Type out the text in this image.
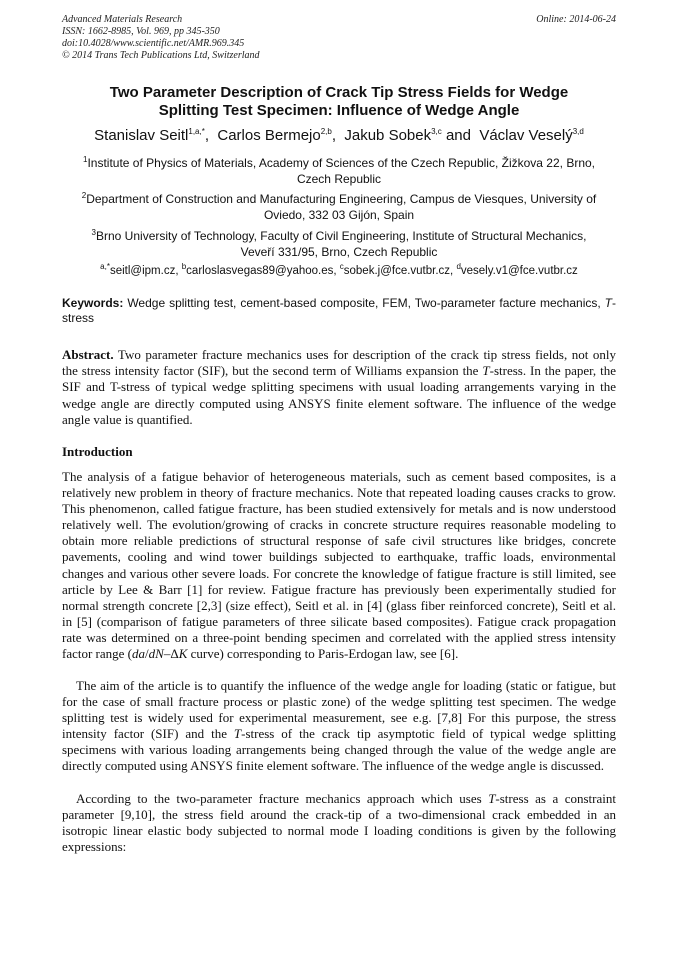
Advanced Materials Research
ISSN: 1662-8985, Vol. 969, pp 345-350
doi:10.4028/www.scientific.net/AMR.969.345
© 2014 Trans Tech Publications Ltd, Switzerland
Online: 2014-06-24
Two Parameter Description of Crack Tip Stress Fields for Wedge
Splitting Test Specimen: Influence of Wedge Angle
Stanislav Seitl$^{1,a,*}$,  Carlos Bermejo$^{2,b}$,  Jakub Sobek$^{3,c}$ and  Václav Veselý$^{3,d}$
$^1$Institute of Physics of Materials, Academy of Sciences of the Czech Republic, Žižkova 22, Brno,
Czech Republic
$^2$Department of Construction and Manufacturing Engineering, Campus de Viesques, University of
Oviedo, 332 03 Gijón, Spain
$^3$Brno University of Technology, Faculty of Civil Engineering, Institute of Structural Mechanics,
Veveří 331/95, Brno, Czech Republic
$^{a,*}$seitl@ipm.cz, $^b$carloslasvegas89@yahoo.es, $^c$sobek.j@fce.vutbr.cz, $^d$vesely.v1@fce.vutbr.cz
Keywords: Wedge splitting test, cement-based composite, FEM, Two-parameter facture mechanics, T-stress
Abstract. Two parameter fracture mechanics uses for description of the crack tip stress fields, not only the stress intensity factor (SIF), but the second term of Williams expansion the T-stress. In the paper, the SIF and T-stress of typical wedge splitting specimens with usual loading arrangements varying in the wedge angle are directly computed using ANSYS finite element software. The influence of the wedge angle value is quantified.
Introduction
The analysis of a fatigue behavior of heterogeneous materials, such as cement based composites, is a relatively new problem in theory of fracture mechanics. Note that repeated loading causes cracks to grow. This phenomenon, called fatigue fracture, has been studied extensively for metals and is now understood relatively well. The evolution/growing of cracks in concrete structure requires reasonable modeling to obtain more reliable predictions of structural response of safe civil structures like bridges, concrete pavements, cooling and wind tower buildings subjected to earthquake, traffic loads, environmental changes and various other severe loads. For concrete the knowledge of fatigue fracture is still limited, see article by Lee & Barr [1] for review. Fatigue fracture has previously been experimentally studied for normal strength concrete [2,3] (size effect), Seitl et al. in [4] (glass fiber reinforced concrete), Seitl et al. in [5] (comparison of fatigue parameters of three silicate based composites). Fatigue crack propagation rate was determined on a three-point bending specimen and correlated with the applied stress intensity factor range (da/dN–ΔK curve) corresponding to Paris-Erdogan law, see [6].
The aim of the article is to quantify the influence of the wedge angle for loading (static or fatigue, but for the case of small fracture process or plastic zone) of the wedge splitting test specimen. The wedge splitting test is widely used for experimental measurement, see e.g. [7,8] For this purpose, the stress intensity factor (SIF) and the T-stress of the crack tip asymptotic field of typical wedge splitting specimens with various loading arrangements being changed through the value of the wedge angle are directly computed using ANSYS finite element software. The influence of the wedge angle is discussed.
According to the two-parameter fracture mechanics approach which uses T-stress as a constraint parameter [9,10], the stress field around the crack-tip of a two-dimensional crack embedded in an isotropic linear elastic body subjected to normal mode I loading conditions is given by the following expressions:
